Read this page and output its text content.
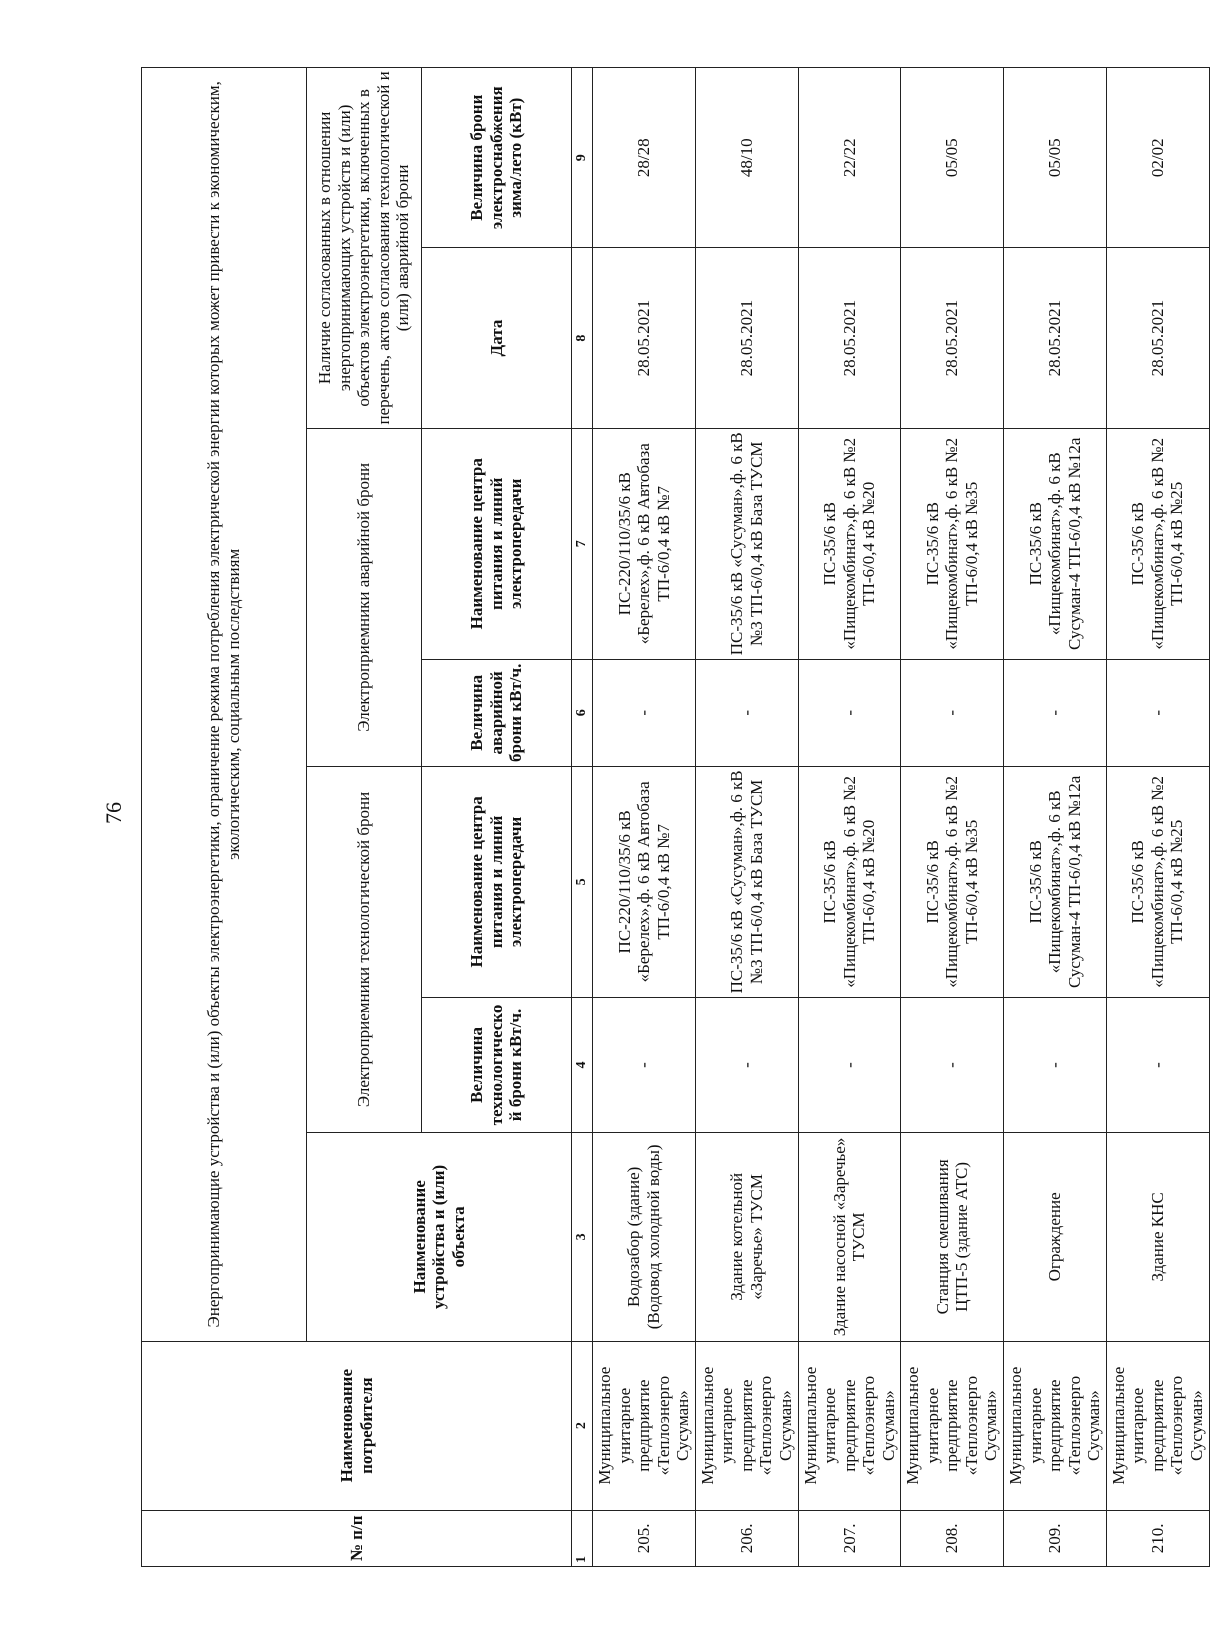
76
№ п/п	Наименование потребителя	Энергопринимающие устройства и (или) объекты электроэнергетики, ограничение режима потребления электрической энергии которых может привести к экономическим, экологическим, социальным последствиям						
		Наименование устройства и (или) объекта	Электроприемники технологической брони		Электроприемники аварийной брони		Наличие согласованных в отношении энергопринимающих устройств и (или) объектов электроэнергетики, включенных в перечень, актов согласования технологической и (или) аварийной брони	
			Величина технологической брони кВт/ч.	Наименование центра питания и линий электропередачи	Величина аварийной брони кВт/ч.	Наименование центра питания и линий электропередачи	Дата	Величина брони электроснабжения зима/лето (кВт)
1	2	3	4	5	6	7	8	9
205.	Муниципальное унитарное предприятие «Теплоэнерго Сусуман»	Водозабор (здание) (Водовод холодной воды)	-	ПС-220/110/35/6 кВ «Берелех»,ф. 6 кВ Автобаза ТП-6/0,4 кВ №7	-	ПС-220/110/35/6 кВ «Берелех»,ф. 6 кВ Автобаза ТП-6/0,4 кВ №7	28.05.2021	28/28
206.	Муниципальное унитарное предприятие «Теплоэнерго Сусуман»	Здание котельной «Заречье» ТУСМ	-	ПС-35/6 кВ «Сусуман»,ф. 6 кВ №3 ТП-6/0,4 кВ База ТУСМ	-	ПС-35/6 кВ «Сусуман»,ф. 6 кВ №3 ТП-6/0,4 кВ База ТУСМ	28.05.2021	48/10
207.	Муниципальное унитарное предприятие «Теплоэнерго Сусуман»	Здание насосной «Заречье» ТУСМ	-	ПС-35/6 кВ «Пищекомбинат»,ф. 6 кВ №2 ТП-6/0,4 кВ №20	-	ПС-35/6 кВ «Пищекомбинат»,ф. 6 кВ №2 ТП-6/0,4 кВ №20	28.05.2021	22/22
208.	Муниципальное унитарное предприятие «Теплоэнерго Сусуман»	Станция смешивания ЦТП-5 (здание АТС)	-	ПС-35/6 кВ «Пищекомбинат»,ф. 6 кВ №2 ТП-6/0,4 кВ №35	-	ПС-35/6 кВ «Пищекомбинат»,ф. 6 кВ №2 ТП-6/0,4 кВ №35	28.05.2021	05/05
209.	Муниципальное унитарное предприятие «Теплоэнерго Сусуман»	Ограждение	-	ПС-35/6 кВ «Пищекомбинат»,ф. 6 кВ Сусуман-4 ТП-6/0,4 кВ №12а	-	ПС-35/6 кВ «Пищекомбинат»,ф. 6 кВ Сусуман-4 ТП-6/0,4 кВ №12а	28.05.2021	05/05
210.	Муниципальное унитарное предприятие «Теплоэнерго Сусуман»	Здание КНС	-	ПС-35/6 кВ «Пищекомбинат»,ф. 6 кВ №2 ТП-6/0,4 кВ №25	-	ПС-35/6 кВ «Пищекомбинат»,ф. 6 кВ №2 ТП-6/0,4 кВ №25	28.05.2021	02/02
